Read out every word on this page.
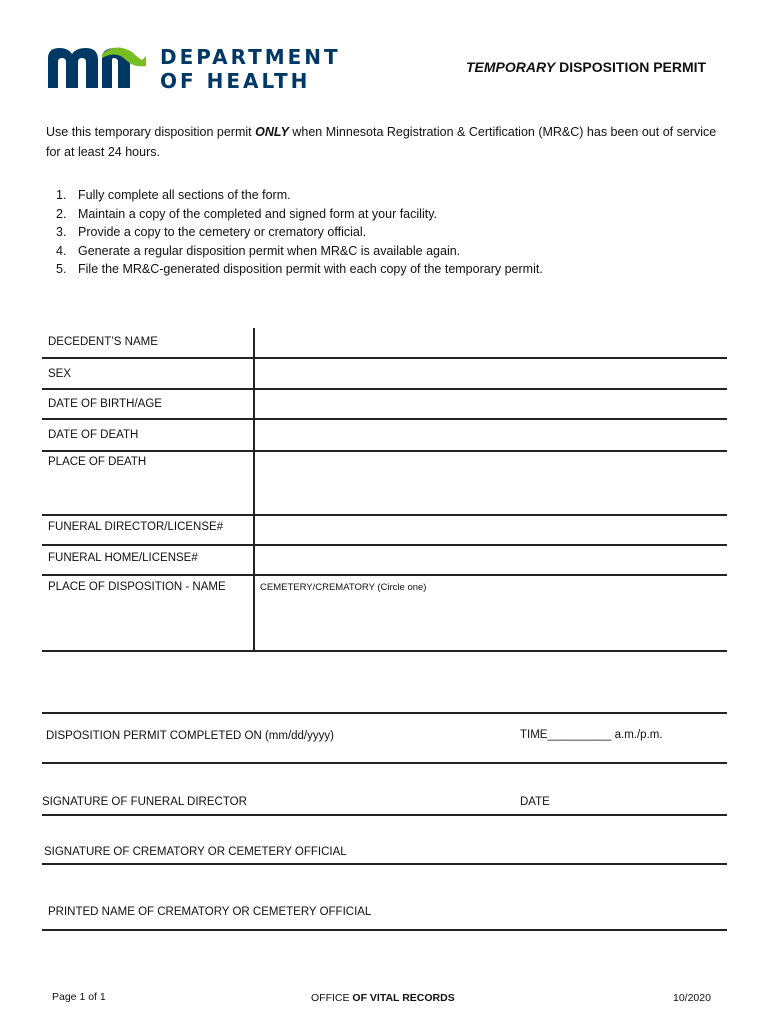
DEPARTMENT
OF HEALTH
TEMPORARY DISPOSITION PERMIT
Use this temporary disposition permit ONLY when Minnesota Registration & Certification (MR&C) has been out of service for at least 24 hours.
1. Fully complete all sections of the form.
2. Maintain a copy of the completed and signed form at your facility.
3. Provide a copy to the cemetery or crematory official.
4. Generate a regular disposition permit when MR&C is available again.
5. File the MR&C-generated disposition permit with each copy of the temporary permit.
DECEDENT’S NAME
SEX
DATE OF BIRTH/AGE
DATE OF DEATH
PLACE OF DEATH
FUNERAL DIRECTOR/LICENSE#
FUNERAL HOME/LICENSE#
PLACE OF DISPOSITION - NAME	CEMETERY/CREMATORY (Circle one)
DISPOSITION PERMIT COMPLETED ON (mm/dd/yyyy)	TIME__________ a.m./p.m.
SIGNATURE OF FUNERAL DIRECTOR	DATE
SIGNATURE OF CREMATORY OR CEMETERY OFFICIAL
PRINTED NAME OF CREMATORY OR CEMETERY OFFICIAL
Page 1 of 1	OFFICE OF VITAL RECORDS	10/2020
